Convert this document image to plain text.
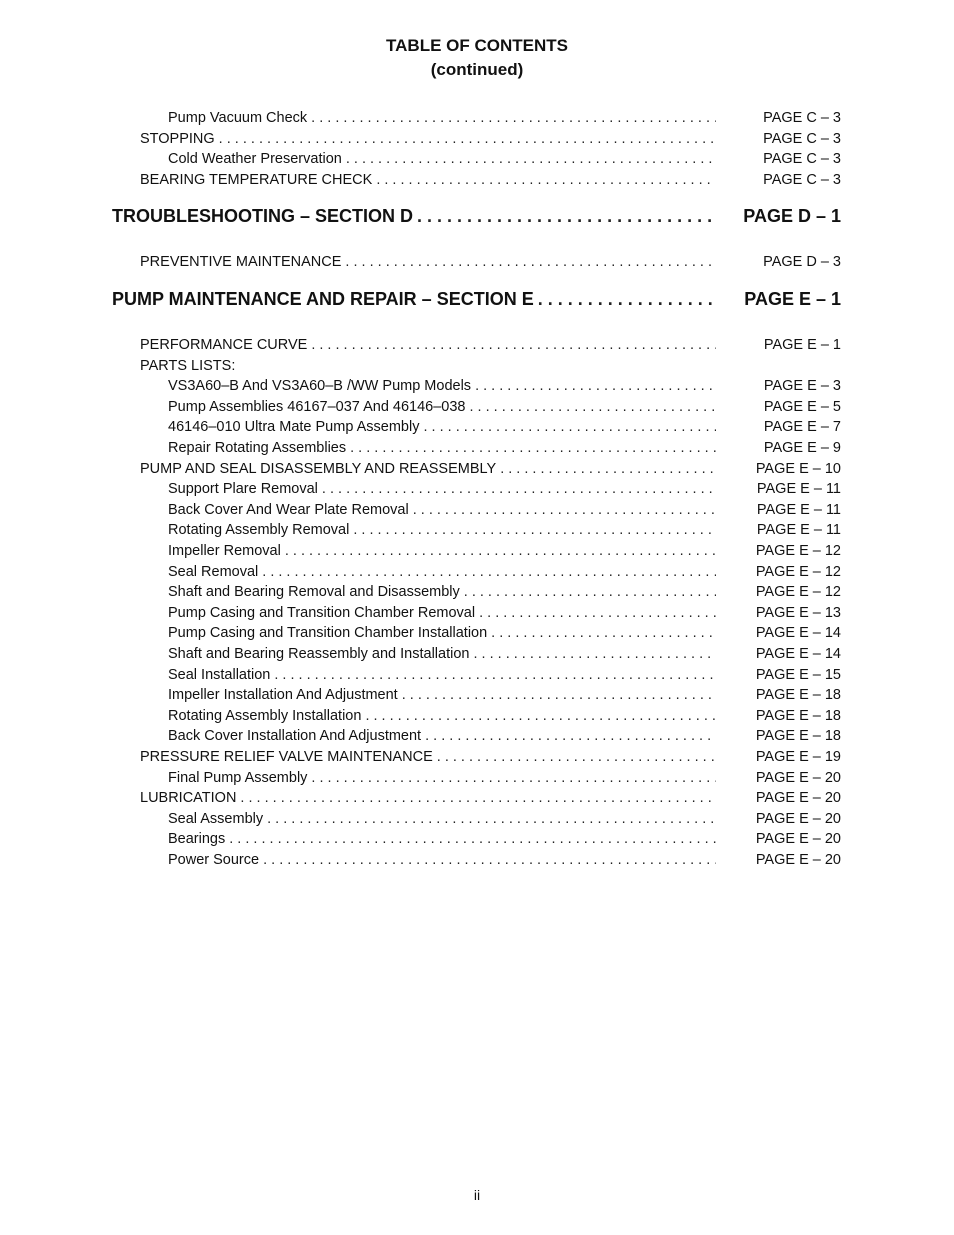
TABLE OF CONTENTS
(continued)
Pump Vacuum Check . . .	PAGE C – 3
STOPPING . . .	PAGE C – 3
Cold Weather Preservation . . .	PAGE C – 3
BEARING TEMPERATURE CHECK . . .	PAGE C – 3
TROUBLESHOOTING – SECTION D . . .	PAGE D – 1
PREVENTIVE MAINTENANCE . . .	PAGE D – 3
PUMP MAINTENANCE AND REPAIR – SECTION E . . .	PAGE E – 1
PERFORMANCE CURVE . . .	PAGE E – 1
PARTS LISTS:
VS3A60–B And VS3A60–B /WW Pump Models . . .	PAGE E – 3
Pump Assemblies 46167–037 And 46146–038 . . .	PAGE E – 5
46146–010 Ultra Mate Pump Assembly . . .	PAGE E – 7
Repair Rotating Assemblies . . .	PAGE E – 9
PUMP AND SEAL DISASSEMBLY AND REASSEMBLY . . .	PAGE E – 10
Support Plare Removal . . .	PAGE E – 11
Back Cover And Wear Plate Removal . . .	PAGE E – 11
Rotating Assembly Removal . . .	PAGE E – 11
Impeller Removal . . .	PAGE E – 12
Seal Removal . . .	PAGE E – 12
Shaft and Bearing Removal and Disassembly . . .	PAGE E – 12
Pump Casing and Transition Chamber Removal . . .	PAGE E – 13
Pump Casing and Transition Chamber Installation . . .	PAGE E – 14
Shaft and Bearing Reassembly and Installation . . .	PAGE E – 14
Seal Installation . . .	PAGE E – 15
Impeller Installation And Adjustment . . .	PAGE E – 18
Rotating Assembly Installation . . .	PAGE E – 18
Back Cover Installation And Adjustment . . .	PAGE E – 18
PRESSURE RELIEF VALVE MAINTENANCE . . .	PAGE E – 19
Final Pump Assembly . . .	PAGE E – 20
LUBRICATION . . .	PAGE E – 20
Seal Assembly . . .	PAGE E – 20
Bearings . . .	PAGE E – 20
Power Source . . .	PAGE E – 20
ii
